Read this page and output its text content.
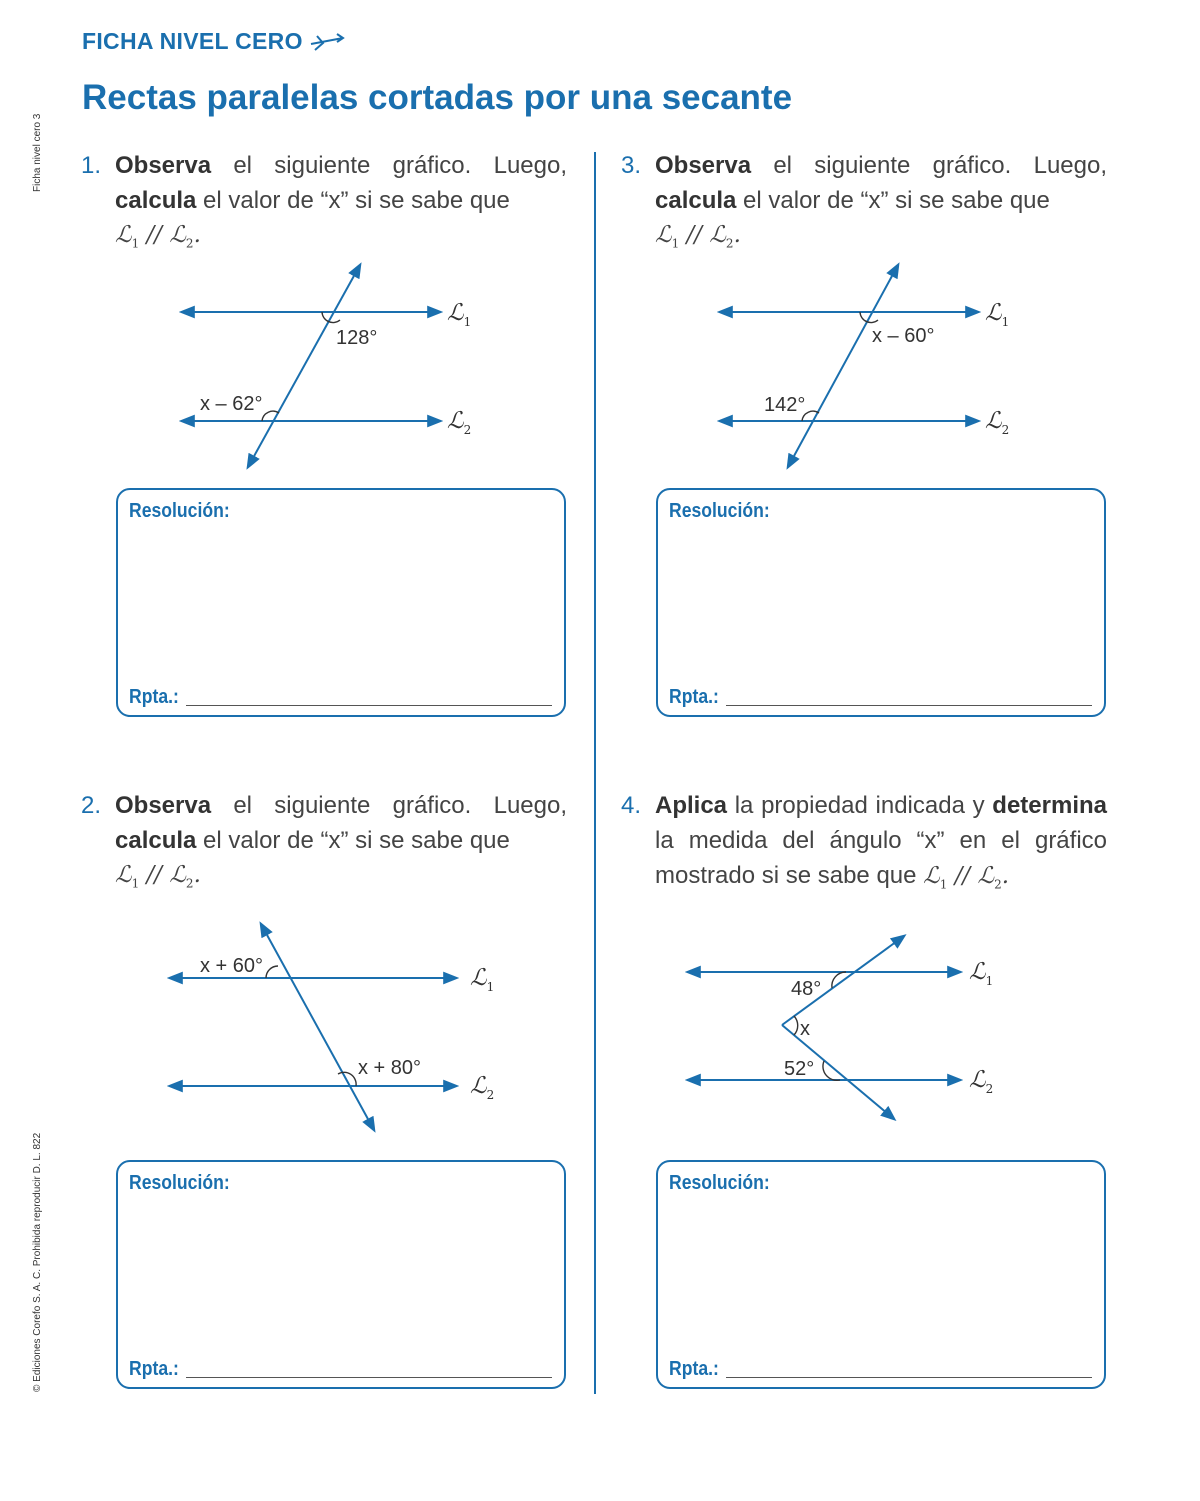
FICHA NIVEL CERO
Rectas paralelas cortadas por una secante
Ficha nivel cero 3
© Ediciones Corefo S. A. C. Prohibida reproducir D. L. 822
1. Observa el siguiente gráfico. Luego, calcula el valor de “x” si se sabe que
ℒ$_1$ // ℒ$_2$.
128°
x – 62°
ℒ$_1$
ℒ$_2$
Resolución:
Rpta.:
2. Observa el siguiente gráfico. Luego, calcula el valor de “x” si se sabe que
ℒ$_1$ // ℒ$_2$.
x + 60°
x + 80°
ℒ$_1$
ℒ$_2$
Resolución:
Rpta.:
3. Observa el siguiente gráfico. Luego, calcula el valor de “x” si se sabe que
ℒ$_1$ // ℒ$_2$.
x – 60°
142°
ℒ$_1$
ℒ$_2$
Resolución:
Rpta.:
4. Aplica la propiedad indicada y determina la medida del ángulo “x” en el gráfico mostrado si se sabe que ℒ$_1$ // ℒ$_2$.
48°
x
52°
ℒ$_1$
ℒ$_2$
Resolución:
Rpta.:
